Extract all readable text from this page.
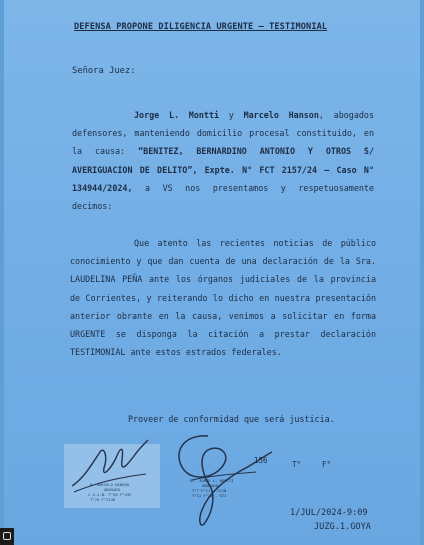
DEFENSA PROPONE DILIGENCIA URGENTE – TESTIMONIAL
Señora Juez:
Jorge L. Montti y Marcelo Hanson, abogados defensores, manteniendo domicilio procesal constituido, en la causa: “BENITEZ, BERNARDINO ANTONIO Y OTROS S/ AVERIGUACION DE DELITO”, Expte. N° FCT 2157/24 – Caso N° 134944/2024, a VS nos presentamos y respetuosamente decimos:
Que atento las recientes noticias de público conocimiento y que dan cuenta de una declaración de la Sra. LAUDELINA PEÑA ante los órganos judiciales de la provincia de Corrientes, y reiterando lo dicho en nuestra presentación anterior obrante en la causa, venimos a solicitar en forma URGENTE se disponga la citación a prestar declaración TESTIMONIAL ante estos estrados federales.
Proveer de conformidad que será justicia.
R. MARCELO HANSON
ABOGADO
C.S.J.N. T°50 F°435
T°70 F°2136
Dr. JORGE L. MONTTI
ABOGADO
T°7 F°11 - CSJN
T°11 F°22 - STJ
156	T°	F°
1/JUL/2024-9:09
JUZG.1.GOYA
